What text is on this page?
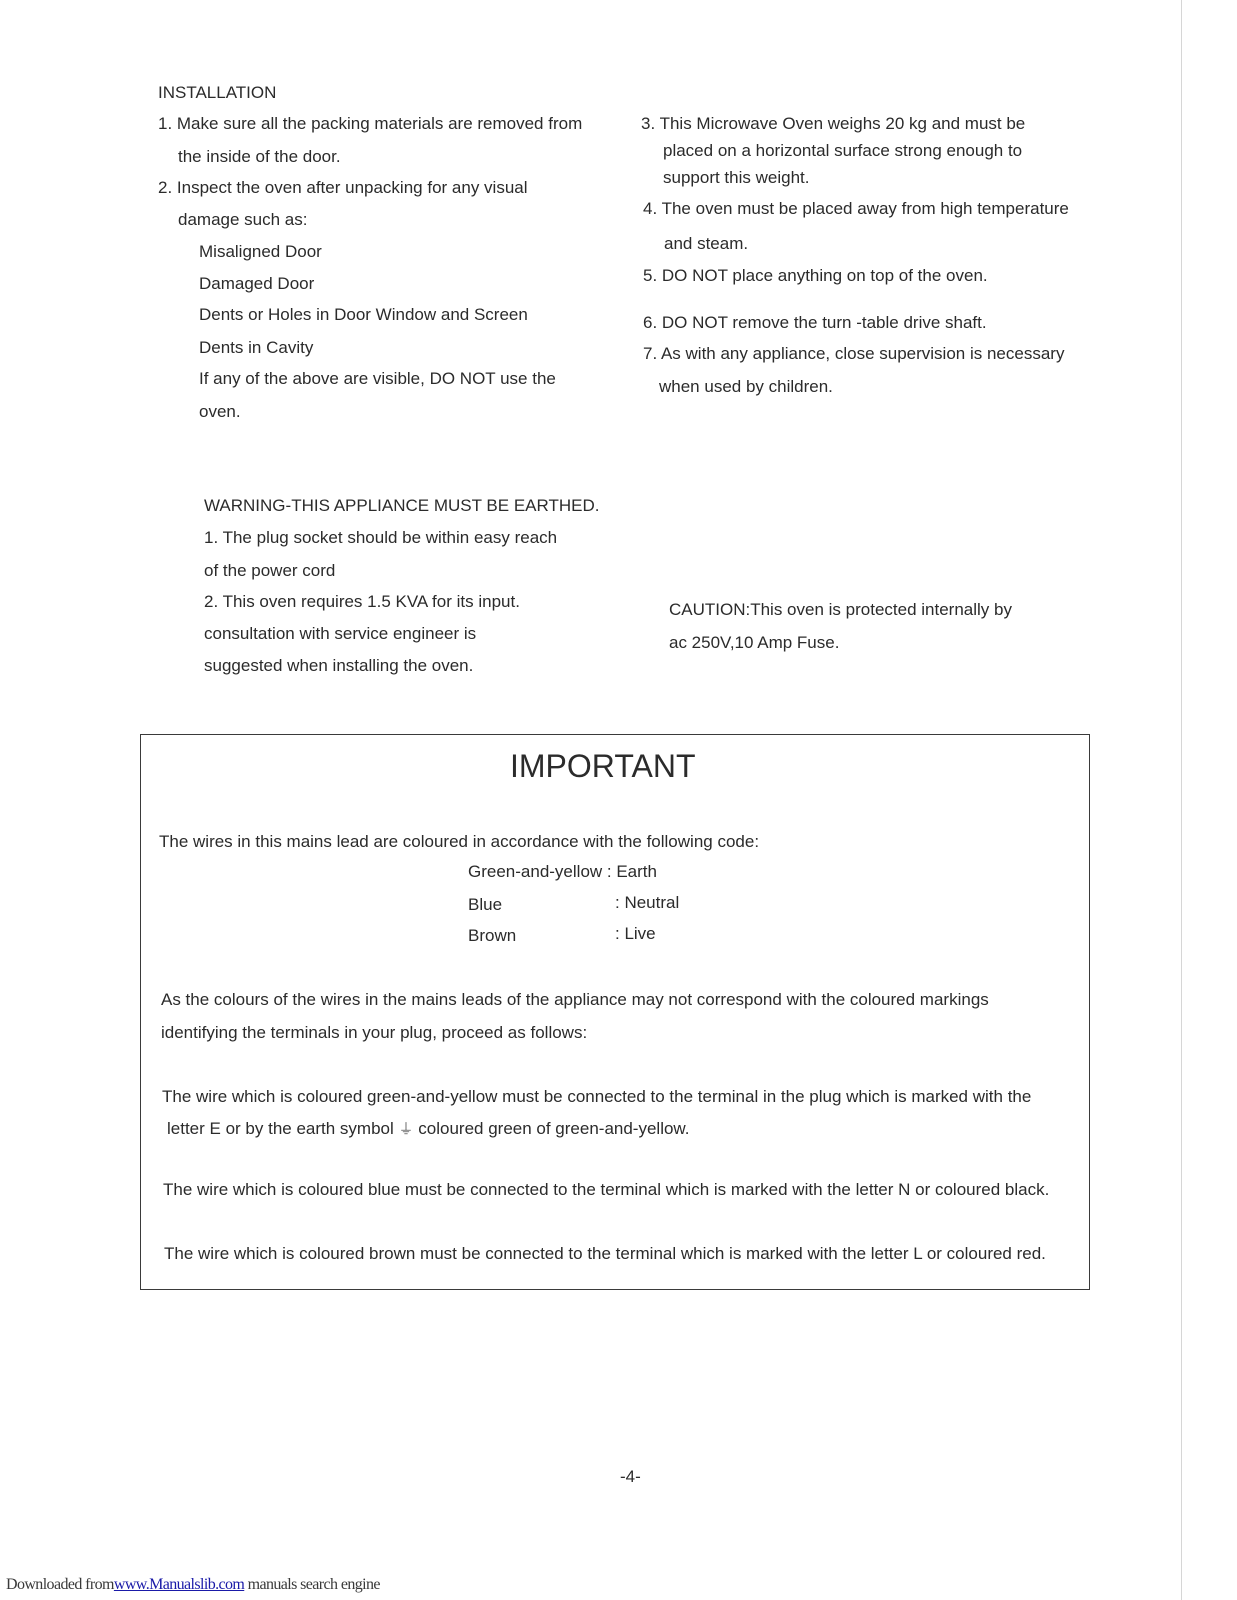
INSTALLATION
1. Make sure all the packing materials are removed from
the inside of the door.
2. Inspect the oven after unpacking for any visual
damage such as:
Misaligned Door
Damaged Door
Dents or Holes in Door Window and Screen
Dents in Cavity
If any of the above are visible, DO NOT use the
oven.
3. This Microwave Oven weighs 20 kg and must be
placed on a horizontal surface strong enough to
support this weight.
4. The oven must be placed away from high temperature
and steam.
5. DO NOT place anything on top of the oven.
6. DO NOT remove the turn -table drive shaft.
7. As with any appliance, close supervision is necessary
when used by children.
WARNING-THIS APPLIANCE MUST BE EARTHED.
1. The plug socket should be within easy reach
of the power cord
2. This oven requires 1.5 KVA for its input.
consultation with service engineer is
suggested when installing the oven.
CAUTION:This oven is protected internally by
ac 250V,10 Amp Fuse.
IMPORTANT
The wires in this mains lead are coloured in accordance with the following code:
Green-and-yellow : Earth
Blue	: Neutral
Brown	: Live
As the colours of the wires in the mains leads of the appliance may not correspond with the coloured markings
identifying the terminals in your plug, proceed as follows:
The wire which is coloured green-and-yellow must be connected to the terminal in the plug which is marked with the
letter E or by the earth symbol ⏚ coloured green of green-and-yellow.
The wire which is coloured blue must be connected to the terminal which is marked with the letter N or coloured black.
The wire which is coloured brown must be connected to the terminal which is marked with the letter L or coloured red.
-4-
Downloaded fromwww.Manualslib.com manuals search engine
